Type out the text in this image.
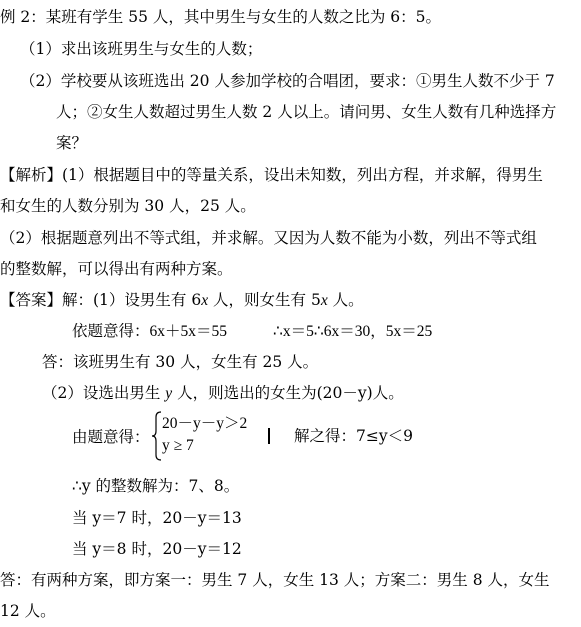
例 2：某班有学生 55 人，其中男生与女生的人数之比为 6：5。
（1）求出该班男生与女生的人数；
（2）学校要从该班选出 20 人参加学校的合唱团，要求：①男生人数不少于 7
人；②女生人数超过男生人数 2 人以上。请问男、女生人数有几种选择方
案？
【解析】(1）根据题目中的等量关系，设出未知数，列出方程，并求解，得男生
和女生的人数分别为 30 人，25 人。
（2）根据题意列出不等式组，并求解。又因为人数不能为小数，列出不等式组
的整数解，可以得出有两种方案。
【答案】解：(1）设男生有 6x 人，则女生有 5x 人。
依题意得：6x＋5x＝55	∴x＝5∴6x＝30，5x＝25
答：该班男生有 30 人，女生有 25 人。
（2）设选出男生 y 人，则选出的女生为(20－y)人。
由题意得：
20－y－y＞2
y ≥ 7
解之得：7≤y＜9
∴y 的整数解为：7、8。
当 y＝7 时，20－y＝13
当 y＝8 时，20－y＝12
答：有两种方案，即方案一：男生 7 人，女生 13 人；方案二：男生 8 人，女生
12 人。
